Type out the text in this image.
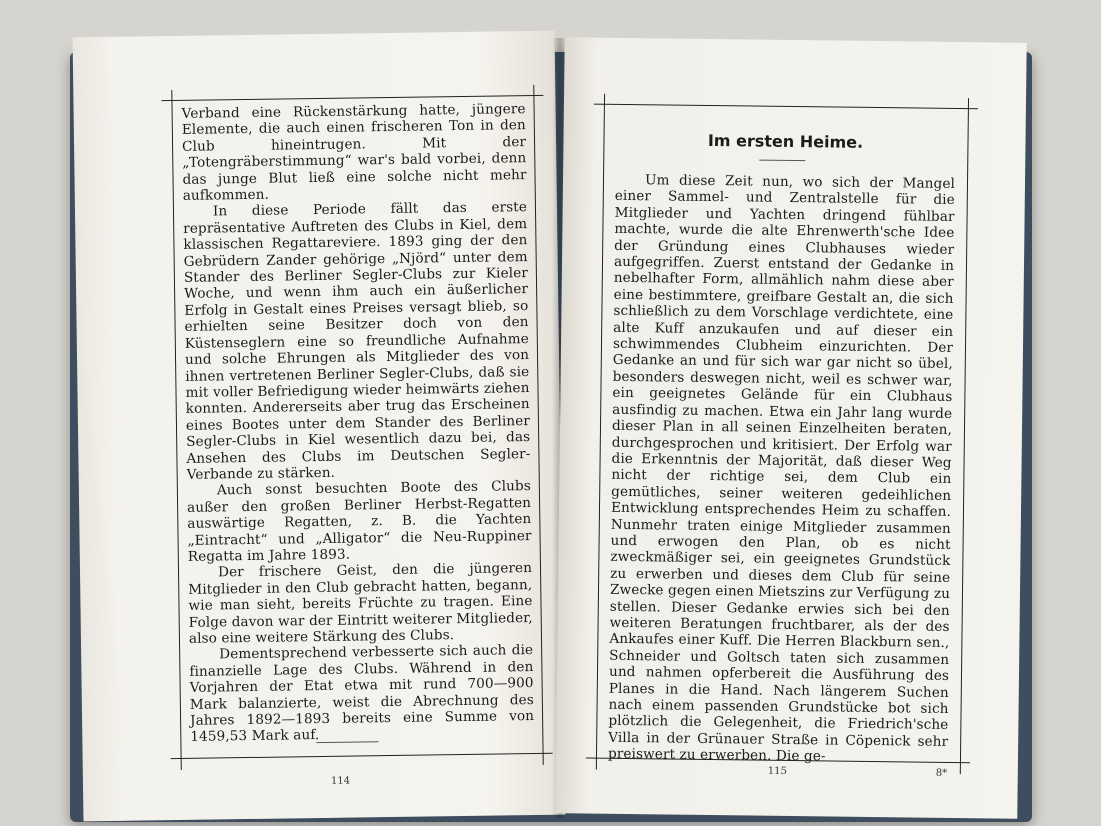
Verband eine Rückenstärkung hatte, jüngere Elemente, die auch einen frischeren Ton in den Club hineintrugen. Mit der „Totengräberstimmung“ war's bald vorbei, denn das junge Blut ließ eine solche nicht mehr aufkommen.

In diese Periode fällt das erste repräsentative Auftreten des Clubs in Kiel, dem klassischen Regattareviere. 1893 ging der den Gebrüdern Zander gehörige „Njörd“ unter dem Stander des Berliner Segler-Clubs zur Kieler Woche, und wenn ihm auch ein äußerlicher Erfolg in Gestalt eines Preises versagt blieb, so erhielten seine Besitzer doch von den Küstenseglern eine so freundliche Aufnahme und solche Ehrungen als Mitglieder des von ihnen vertretenen Berliner Segler-Clubs, daß sie mit voller Befriedigung wieder heimwärts ziehen konnten. Andererseits aber trug das Erscheinen eines Bootes unter dem Stander des Berliner Segler-Clubs in Kiel wesentlich dazu bei, das Ansehen des Clubs im Deutschen Segler-Verbande zu stärken.

Auch sonst besuchten Boote des Clubs außer den großen Berliner Herbst-Regatten auswärtige Regatten, z. B. die Yachten „Eintracht“ und „Alligator“ die Neu-Ruppiner Regatta im Jahre 1893.

Der frischere Geist, den die jüngeren Mitglieder in den Club gebracht hatten, begann, wie man sieht, bereits Früchte zu tragen. Eine Folge davon war der Eintritt weiterer Mitglieder, also eine weitere Stärkung des Clubs.

Dementsprechend verbesserte sich auch die finanzielle Lage des Clubs. Während in den Vorjahren der Etat etwa mit rund 700—900 Mark balanzierte, weist die Abrechnung des Jahres 1892—1893 bereits eine Summe von 1459,53 Mark auf.

114
Im ersten Heime.

Um diese Zeit nun, wo sich der Mangel einer Sammel- und Zentralstelle für die Mitglieder und Yachten dringend fühlbar machte, wurde die alte Ehrenwerth'sche Idee der Gründung eines Clubhauses wieder aufgegriffen. Zuerst entstand der Gedanke in nebelhafter Form, allmählich nahm diese aber eine bestimmtere, greifbare Gestalt an, die sich schließlich zu dem Vorschlage verdichtete, eine alte Kuff anzukaufen und auf dieser ein schwimmendes Clubheim einzurichten. Der Gedanke an und für sich war gar nicht so übel, besonders deswegen nicht, weil es schwer war, ein geeignetes Gelände für ein Clubhaus ausfindig zu machen. Etwa ein Jahr lang wurde dieser Plan in all seinen Einzelheiten beraten, durchgesprochen und kritisiert. Der Erfolg war die Erkenntnis der Majorität, daß dieser Weg nicht der richtige sei, dem Club ein gemütliches, seiner weiteren gedeihlichen Entwicklung entsprechendes Heim zu schaffen. Nunmehr traten einige Mitglieder zusammen und erwogen den Plan, ob es nicht zweckmäßiger sei, ein geeignetes Grundstück zu erwerben und dieses dem Club für seine Zwecke gegen einen Mietszins zur Verfügung zu stellen. Dieser Gedanke erwies sich bei den weiteren Beratungen fruchtbarer, als der des Ankaufes einer Kuff. Die Herren Blackburn sen., Schneider und Goltsch taten sich zusammen und nahmen opferbereit die Ausführung des Planes in die Hand. Nach längerem Suchen nach einem passenden Grundstücke bot sich plötzlich die Gelegenheit, die Friedrich'sche Villa in der Grünauer Straße in Cöpenick sehr preiswert zu erwerben. Die ge-

115	8*
